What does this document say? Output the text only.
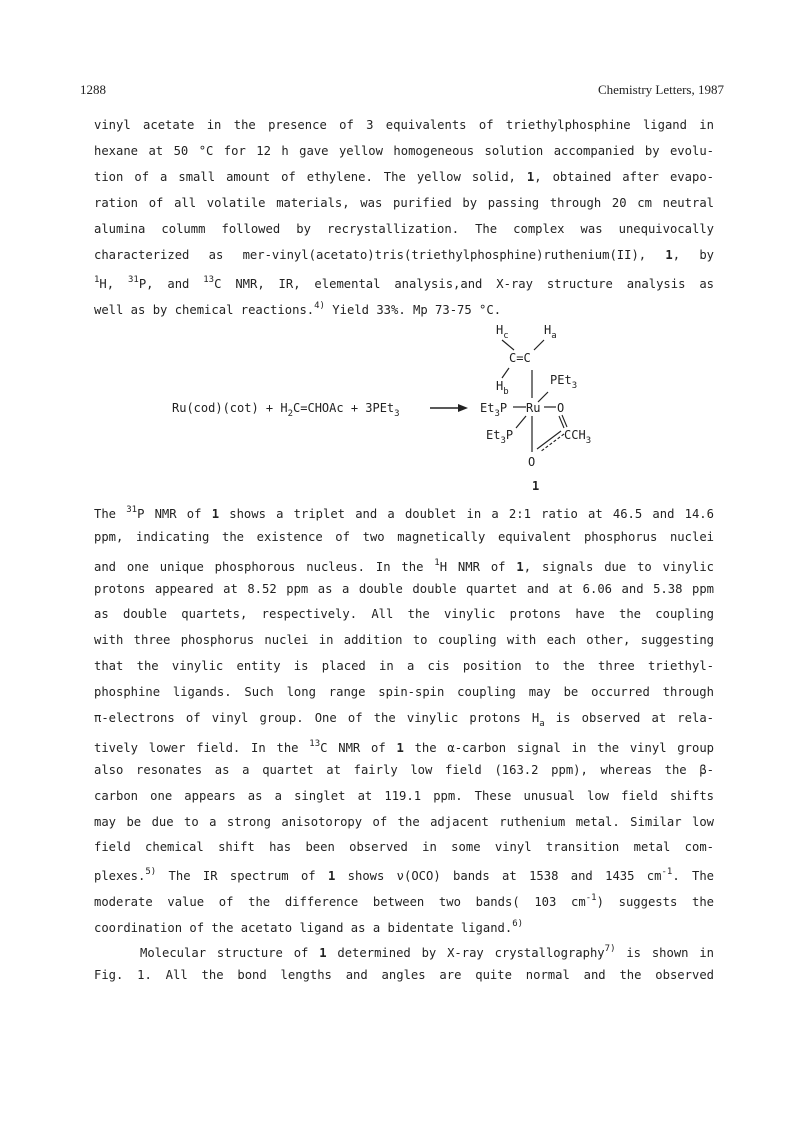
1288	Chemistry Letters, 1987
vinyl acetate in the presence of 3 equivalents of triethylphosphine ligand in
hexane at 50 °C for 12 h gave yellow homogeneous solution accompanied by evolu-
tion of a small amount of ethylene. The yellow solid, 1, obtained after evapo-
ration of all volatile materials, was purified by passing through 20 cm neutral
alumina columm followed by recrystallization. The complex was unequivocally
characterized as mer-vinyl(acetato)tris(triethylphosphine)ruthenium(II), 1, by
$^1$H, $^{31}$P, and $^{13}$C NMR, IR, elemental analysis,and X-ray structure analysis as
well as by chemical reactions.$^{4)}$ Yield 33%. Mp 73-75 °C.
$H_c$	$H_a$
C=C
$H_b$
PEt$_3$
$Ru(cod)(\cot) + H_2C=CHOAc + 3PEt_3$	$Et_3P$ Ru O
$Et_3P$	$CCH_3$
O
1
The $^{31}$P NMR of 1 shows a triplet and a doublet in a 2:1 ratio at 46.5 and 14.6
ppm, indicating the existence of two magnetically equivalent phosphorus nuclei
and one unique phosphorous nucleus. In the $^1$H NMR of 1, signals due to vinylic
protons appeared at 8.52 ppm as a double double quartet and at 6.06 and 5.38 ppm
as double quartets, respectively. All the vinylic protons have the coupling
with three phosphorus nuclei in addition to coupling with each other, suggesting
that the vinylic entity is placed in a cis position to the three triethyl-
phosphine ligands. Such long range spin-spin coupling may be occurred through
π-electrons of vinyl group. One of the vinylic protons $H_a$ is observed at rela-
tively lower field. In the $^{13}$C NMR of 1 the α-carbon signal in the vinyl group
also resonates as a quartet at fairly low field (163.2 ppm), whereas the β-
carbon one appears as a singlet at 119.1 ppm. These unusual low field shifts
may be due to a strong anisotoropy of the adjacent ruthenium metal. Similar low
field chemical shift has been observed in some vinyl transition metal com-
plexes.$^{5)}$ The IR spectrum of 1 shows ν(OCO) bands at 1538 and 1435 $cm^{-1}$. The
moderate value of the difference between two bands( 103 $cm^{-1}$) suggests the
coordination of the acetato ligand as a bidentate ligand.$^{6)}$
Molecular structure of 1 determined by X-ray crystallography$^{7)}$ is shown in
Fig. 1. All the bond lengths and angles are quite normal and the observed
